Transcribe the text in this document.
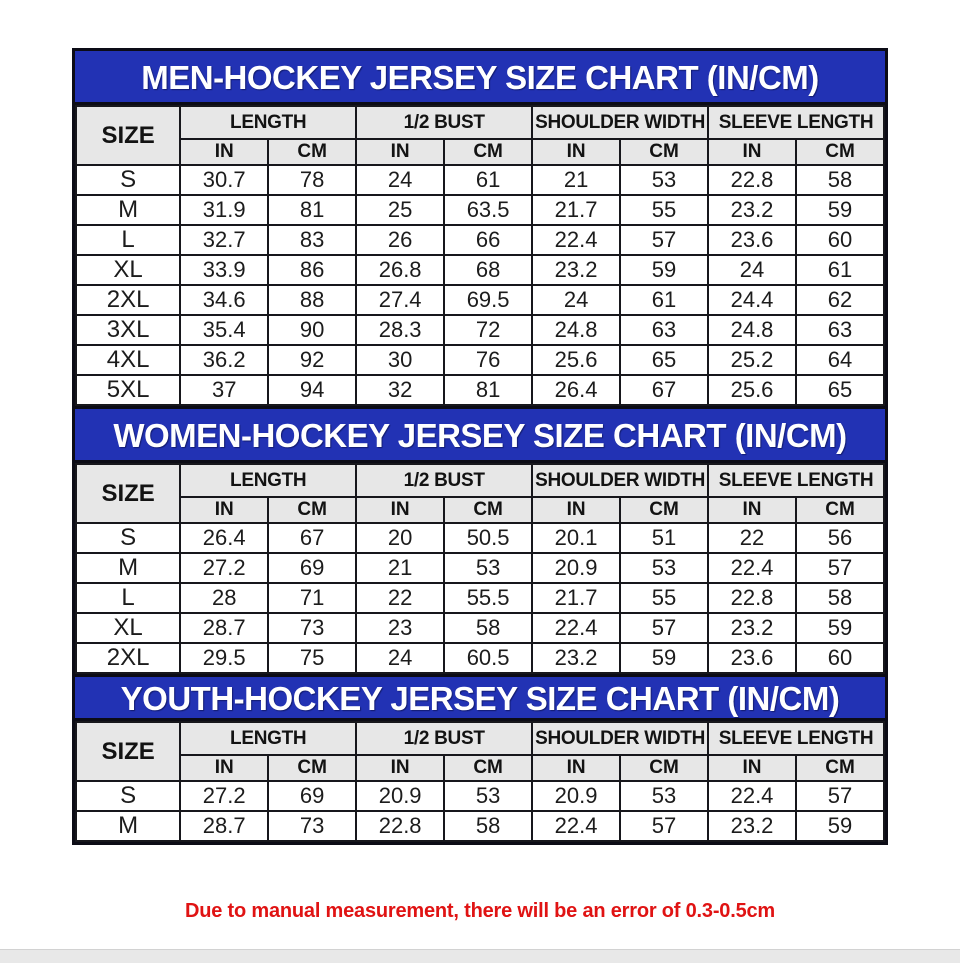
MEN-HOCKEY JERSEY SIZE CHART (IN/CM)
SIZE	LENGTH		1/2 BUST		SHOULDER WIDTH		SLEEVE LENGTH	
	IN	CM	IN	CM	IN	CM	IN	CM
S	30.7	78	24	61	21	53	22.8	58
M	31.9	81	25	63.5	21.7	55	23.2	59
L	32.7	83	26	66	22.4	57	23.6	60
XL	33.9	86	26.8	68	23.2	59	24	61
2XL	34.6	88	27.4	69.5	24	61	24.4	62
3XL	35.4	90	28.3	72	24.8	63	24.8	63
4XL	36.2	92	30	76	25.6	65	25.2	64
5XL	37	94	32	81	26.4	67	25.6	65
WOMEN-HOCKEY JERSEY SIZE CHART (IN/CM)
SIZE	LENGTH		1/2 BUST		SHOULDER WIDTH		SLEEVE LENGTH	
	IN	CM	IN	CM	IN	CM	IN	CM
S	26.4	67	20	50.5	20.1	51	22	56
M	27.2	69	21	53	20.9	53	22.4	57
L	28	71	22	55.5	21.7	55	22.8	58
XL	28.7	73	23	58	22.4	57	23.2	59
2XL	29.5	75	24	60.5	23.2	59	23.6	60
YOUTH-HOCKEY JERSEY SIZE CHART (IN/CM)
SIZE	LENGTH		1/2 BUST		SHOULDER WIDTH		SLEEVE LENGTH	
	IN	CM	IN	CM	IN	CM	IN	CM
S	27.2	69	20.9	53	20.9	53	22.4	57
M	28.7	73	22.8	58	22.4	57	23.2	59
Due to manual measurement, there will be an error of 0.3-0.5cm
